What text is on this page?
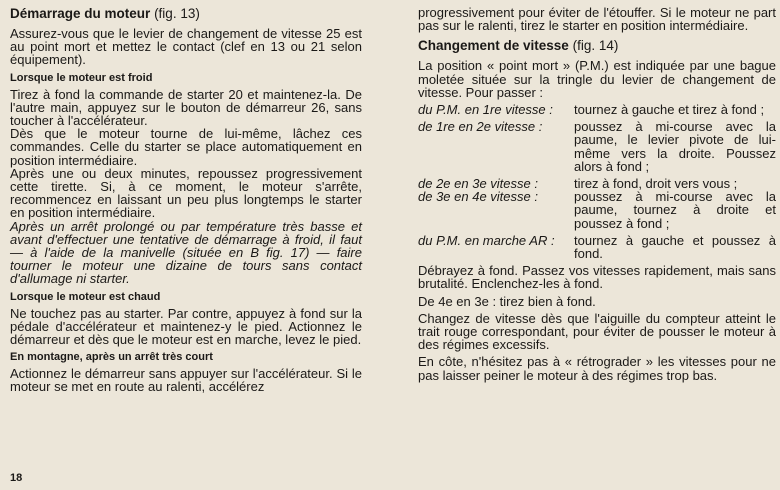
Démarrage du moteur (fig. 13)

Assurez-vous que le levier de changement de vitesse 25 est au point mort et mettez le contact (clef en 13 ou 21 selon équipement).

Lorsque le moteur est froid

Tirez à fond la commande de starter 20 et maintenez-la. De l'autre main, appuyez sur le bouton de démarreur 26, sans toucher à l'accélérateur.

Dès que le moteur tourne de lui-même, lâchez ces commandes. Celle du starter se place automatiquement en position intermédiaire.

Après une ou deux minutes, repoussez progressivement cette tirette. Si, à ce moment, le moteur s'arrête, recommencez en laissant un peu plus longtemps le starter en position intermédiaire.

Après un arrêt prolongé ou par température très basse et avant d'effectuer une tentative de démarrage à froid, il faut — à l'aide de la manivelle (située en B fig. 17) — faire tourner le moteur une dizaine de tours sans contact d'allumage ni starter.

Lorsque le moteur est chaud

Ne touchez pas au starter. Par contre, appuyez à fond sur la pédale d'accélérateur et maintenez-y le pied. Actionnez le démarreur et dès que le moteur est en marche, levez le pied.

En montagne, après un arrêt très court

Actionnez le démarreur sans appuyer sur l'accélérateur. Si le moteur se met en route au ralenti, accélérez

progressivement pour éviter de l'étouffer. Si le moteur ne part pas sur le ralenti, tirez le starter en position intermédiaire.

Changement de vitesse (fig. 14)

La position « point mort » (P.M.) est indiquée par une bague moletée située sur la tringle du levier de changement de vitesse. Pour passer :

du P.M. en 1re vitesse :	tournez à gauche et tirez à fond ;
de 1re en 2e vitesse :	poussez à mi-course avec la paume, le levier pivote de lui-même vers la droite. Poussez alors à fond ;
de 2e en 3e vitesse :	tirez à fond, droit vers vous ;
de 3e en 4e vitesse :	poussez à mi-course avec la paume, tournez à droite et poussez à fond ;
du P.M. en marche AR :	tournez à gauche et poussez à fond.

Débrayez à fond. Passez vos vitesses rapidement, mais sans brutalité. Enclenchez-les à fond.

De 4e en 3e : tirez bien à fond.

Changez de vitesse dès que l'aiguille du compteur atteint le trait rouge correspondant, pour éviter de pousser le moteur à des régimes excessifs.

En côte, n'hésitez pas à « rétrograder » les vitesses pour ne pas laisser peiner le moteur à des régimes trop bas.

18
